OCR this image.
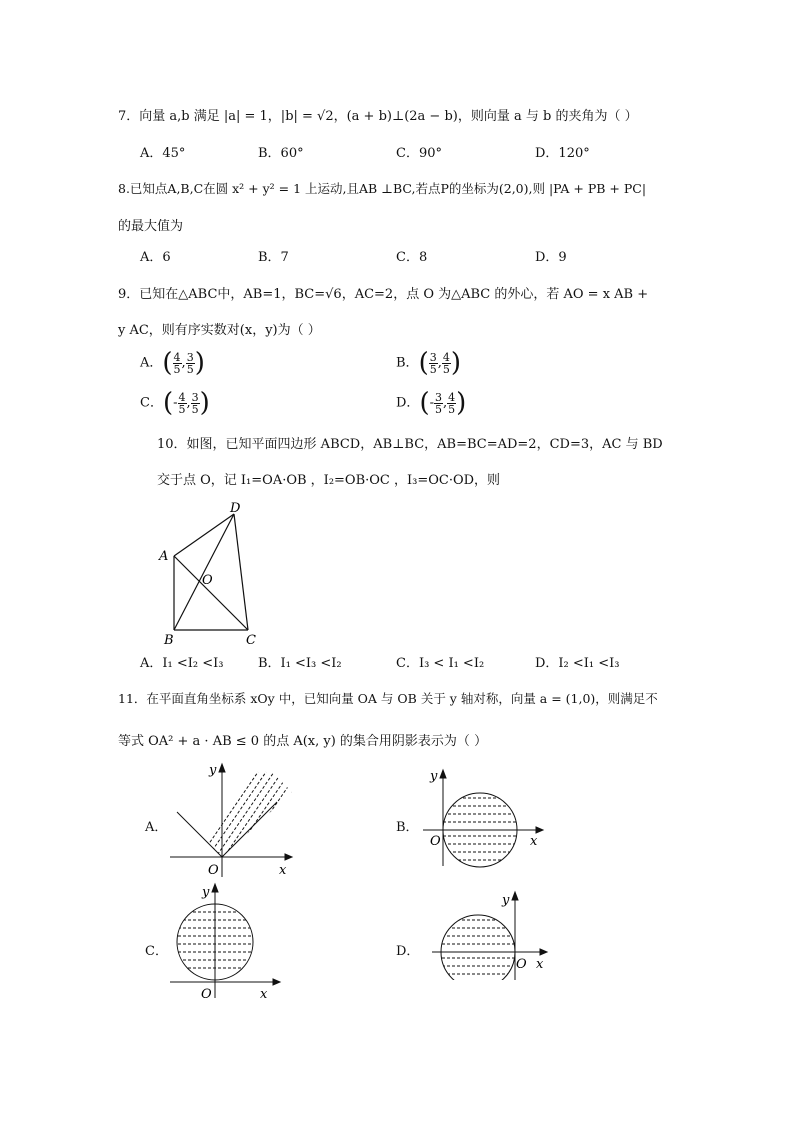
7．向量 a,b 满足 |a| = 1，|b| = √2，(a + b)⊥(2a − b)，则向量 a 与 b 的夹角为（ ）
A．45°	B．60°	C．90°	D．120°
8.已知点A,B,C在圆 x² + y² = 1 上运动,且AB ⊥BC,若点P的坐标为(2,0),则 |PA + PB + PC|
的最大值为
A．6	B．7	C．8	D．9
9．已知在△ABC中，AB=1，BC=√6，AC=2，点 O 为△ABC 的外心，若 AO = x AB +
y AC，则有序实数对(x，y)为（ ）
A．( $\frac{4}{5}$ , $\frac{3}{5}$ )	B．( $\frac{3}{5}$ , $\frac{4}{5}$ )
C．(- $\frac{4}{5}$ , $\frac{3}{5}$ )	D．(- $\frac{3}{5}$ , $\frac{4}{5}$ )
10．如图，已知平面四边形 ABCD，AB⊥BC，AB=BC=AD=2，CD=3，AC 与 BD
交于点 O，记 I₁=OA·OB ，I₂=OB·OC ，I₃=OC·OD，则
A
B	C
D
O
A．I₁ <I₂ <I₃	B．I₁ <I₃ <I₂	C．I₃ < I₁ <I₂	D．I₂ <I₁ <I₃
11．在平面直角坐标系 xOy 中，已知向量 OA 与 OB 关于 y 轴对称，向量 a = (1,0)，则满足不
等式 OA² + a · AB ≤ 0 的点 A(x, y) 的集合用阴影表示为（ ）
A．
O	x
y
B．
O	x
y
C．
O	x
y
D．
O x
y
